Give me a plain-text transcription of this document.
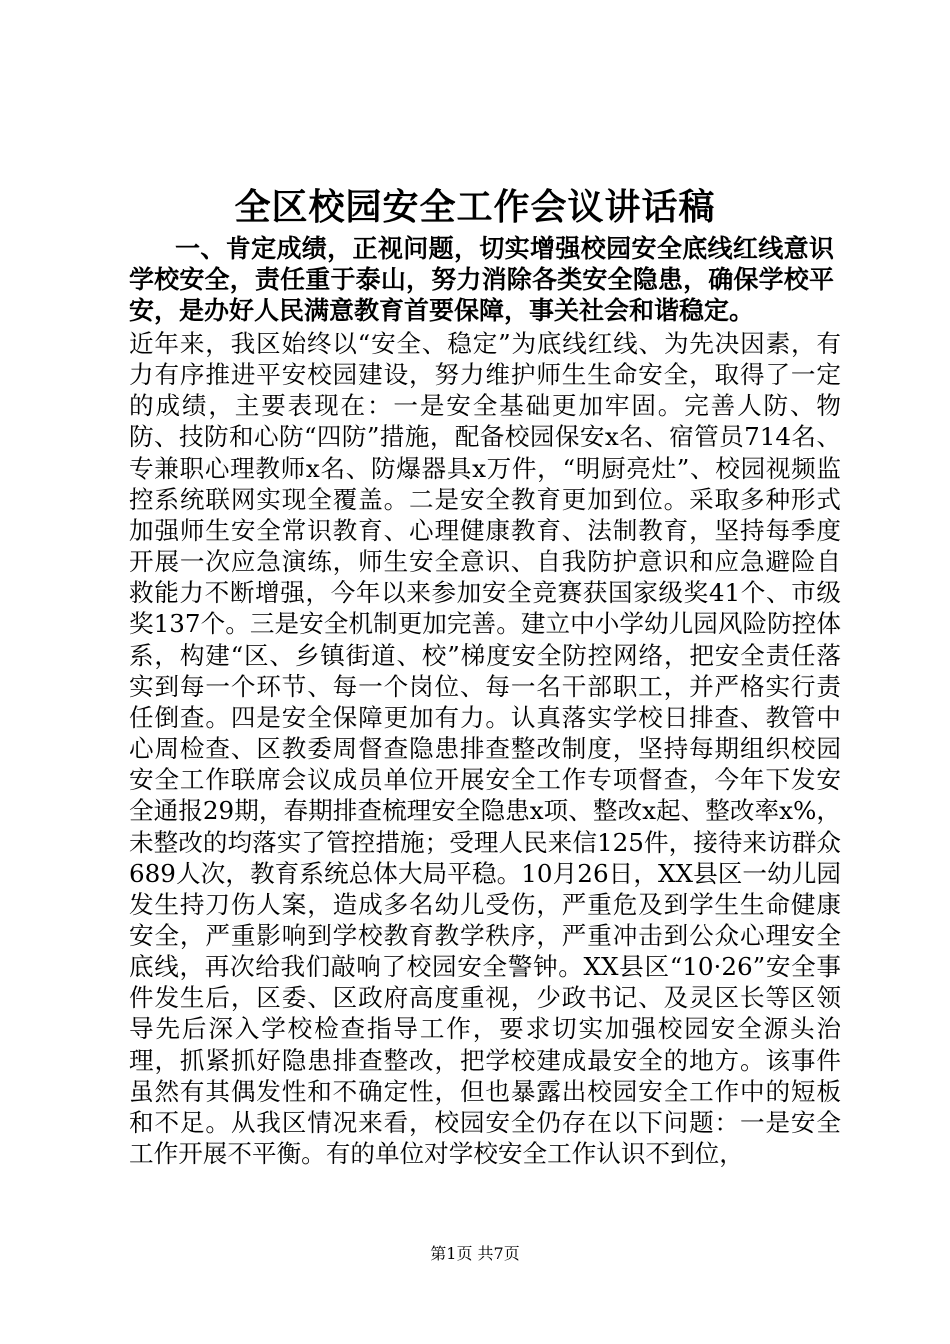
全区校园安全工作会议讲话稿

一、肯定成绩，正视问题，切实增强校园安全底线红线意识学校安全，责任重于泰山，努力消除各类安全隐患，确保学校平安，是办好人民满意教育首要保障，事关社会和谐稳定。

近年来，我区始终以“安全、稳定”为底线红线、为先决因素，有力有序推进平安校园建设，努力维护师生生命安全，取得了一定的成绩，主要表现在：一是安全基础更加牢固。完善人防、物防、技防和心防“四防”措施，配备校园保安x名、宿管员714名、专兼职心理教师x名、防爆器具x万件，“明厨亮灶”、校园视频监控系统联网实现全覆盖。二是安全教育更加到位。采取多种形式加强师生安全常识教育、心理健康教育、法制教育，坚持每季度开展一次应急演练，师生安全意识、自我防护意识和应急避险自救能力不断增强，今年以来参加安全竞赛获国家级奖41个、市级奖137个。三是安全机制更加完善。建立中小学幼儿园风险防控体系，构建“区、乡镇街道、校”梯度安全防控网络，把安全责任落实到每一个环节、每一个岗位、每一名干部职工，并严格实行责任倒查。四是安全保障更加有力。认真落实学校日排查、教管中心周检查、区教委周督查隐患排查整改制度，坚持每期组织校园安全工作联席会议成员单位开展安全工作专项督查，今年下发安全通报29期，春期排查梳理安全隐患x项、整改x起、整改率x%，未整改的均落实了管控措施；受理人民来信125件，接待来访群众689人次，教育系统总体大局平稳。10月26日，XX县区一幼儿园发生持刀伤人案，造成多名幼儿受伤，严重危及到学生生命健康安全，严重影响到学校教育教学秩序，严重冲击到公众心理安全底线，再次给我们敲响了校园安全警钟。XX县区“10·26”安全事件发生后，区委、区政府高度重视，少政书记、及灵区长等区领导先后深入学校检查指导工作，要求切实加强校园安全源头治理，抓紧抓好隐患排查整改，把学校建成最安全的地方。该事件虽然有其偶发性和不确定性，但也暴露出校园安全工作中的短板和不足。从我区情况来看，校园安全仍存在以下问题：一是安全工作开展不平衡。有的单位对学校安全工作认识不到位，

第1页 共7页
